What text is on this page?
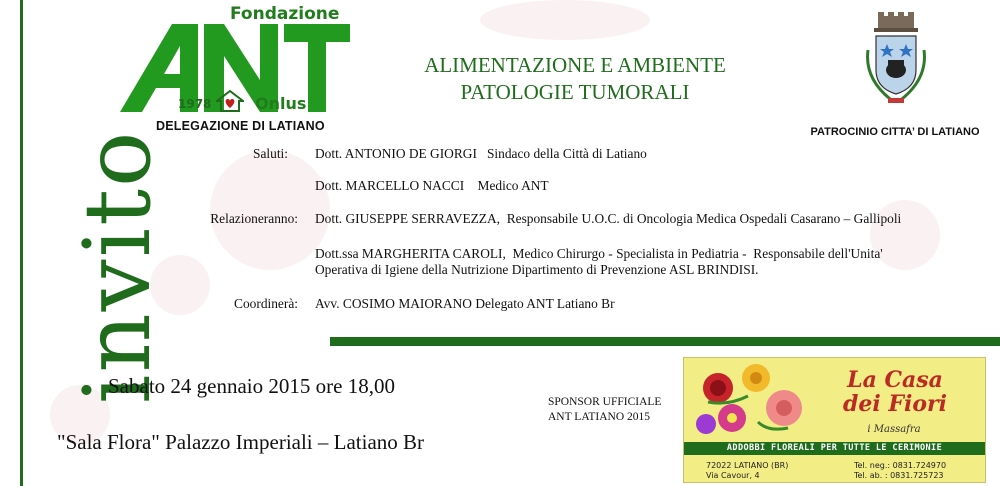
invito
Fondazione
1978	Onlus
DELEGAZIONE DI LATIANO
ALIMENTAZIONE E AMBIENTE
PATOLOGIE TUMORALI
PATROCINIO CITTA’ DI LATIANO
Saluti: Dott. ANTONIO DE GIORGI   Sindaco della Città di Latiano
Dott. MARCELLO NACCI    Medico ANT
Relazioneranno: Dott. GIUSEPPE SERRAVEZZA,  Responsabile U.O.C. di Oncologia Medica Ospedali Casarano – Gallipoli
Dott.ssa MARGHERITA CAROLI,  Medico Chirurgo - Specialista in Pediatria -  Responsabile dell'Unita'
Operativa di Igiene della Nutrizione Dipartimento di Prevenzione ASL BRINDISI.
Coordinerà: Avv. COSIMO MAIORANO Delegato ANT Latiano Br
Sabato 24 gennaio 2015 ore 18,00
"Sala Flora" Palazzo Imperiali – Latiano Br
SPONSOR UFFICIALE
ANT LATIANO 2015
La Casa
dei Fiori
i Massafra
ADDOBBI FLOREALI PER TUTTE LE CERIMONIE
72022 LATIANO (BR)
Via Cavour, 4
Tel. neg.: 0831.724970
Tel. ab. : 0831.725723
